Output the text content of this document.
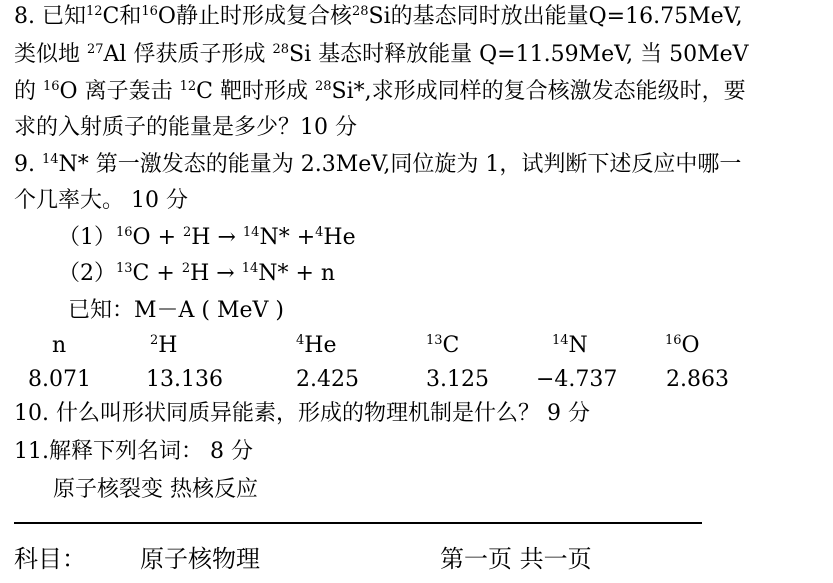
8. 已知$^{12}$C和$^{16}$O静止时形成复合核$^{28}$Si的基态同时放出能量Q=16.75MeV,
类似地 $^{27}$Al 俘获质子形成 $^{28}$Si 基态时释放能量 Q=11.59MeV, 当 50MeV
的 $^{16}$O 离子轰击 $^{12}$C 靶时形成 $^{28}$Si*,求形成同样的复合核激发态能级时，要
求的入射质子的能量是多少？10 分
9. $^{14}$N* 第一激发态的能量为 2.3MeV,同位旋为 1，试判断下述反应中哪一
个几率大。 10 分
$(1)^{16}O + ^2H \to ^{14}N* +^4He$
$(2)^{13}C + ^2H \to ^{14}N* + n$
已知：M－A ( MeV )
n	$^2$H	$^4$He	$^{13}$C	$^{14}$N	$^{16}$O
8.071	13.136	2.425	3.125 −4.737 2.863
10. 什么叫形状同质异能素，形成的物理机制是什么？ 9 分
11.解释下列名词： 8 分
原子核裂变 热核反应
科目： 原子核物理	第一页 共一页
